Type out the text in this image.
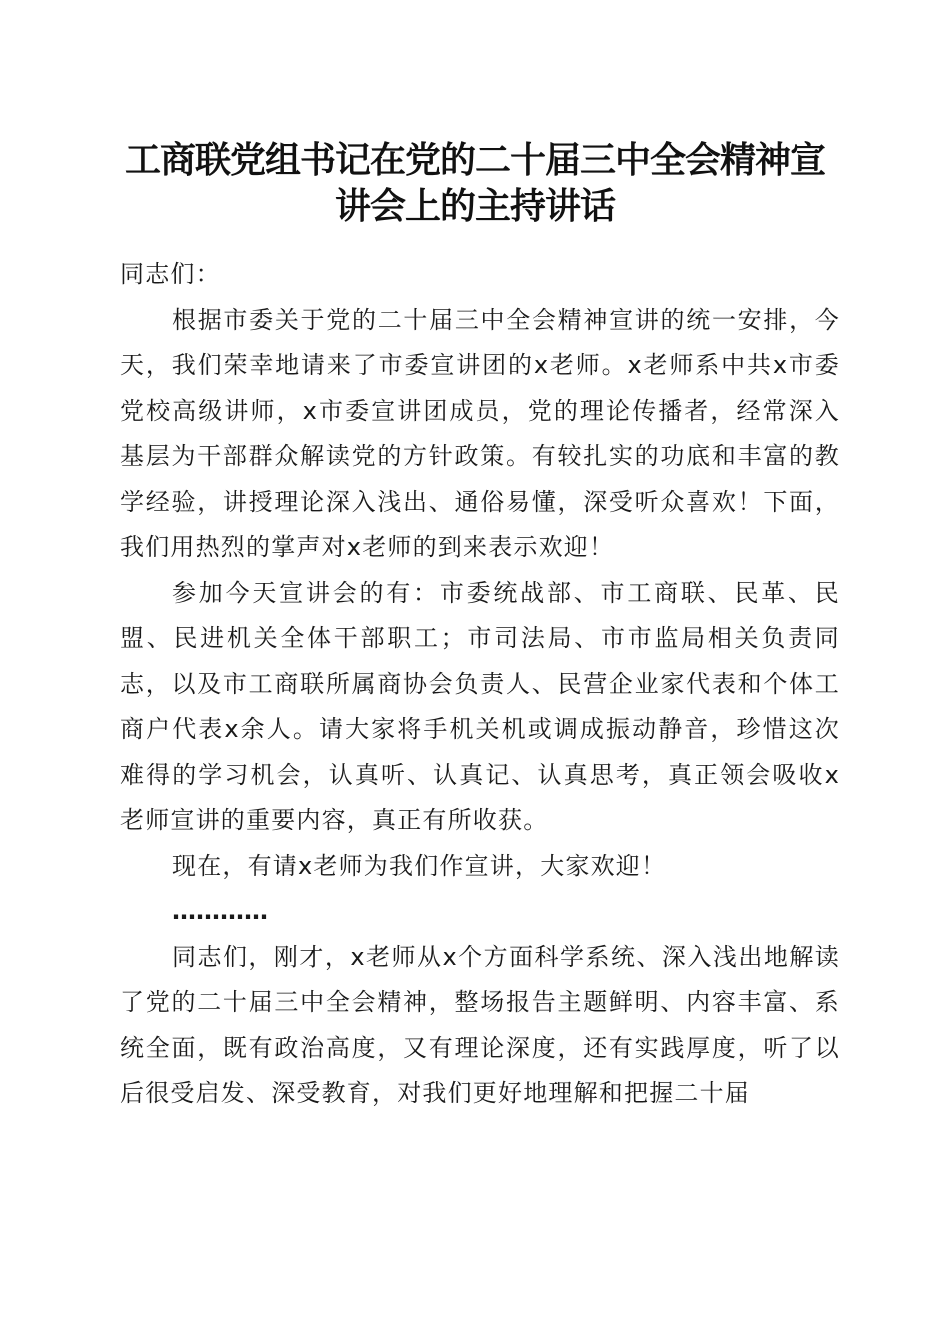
工商联党组书记在党的二十届三中全会精神宣
讲会上的主持讲话

同志们：

根据市委关于党的二十届三中全会精神宣讲的统一安排，今天，我们荣幸地请来了市委宣讲团的x老师。x老师系中共x市委党校高级讲师，x市委宣讲团成员，党的理论传播者，经常深入基层为干部群众解读党的方针政策。有较扎实的功底和丰富的教学经验，讲授理论深入浅出、通俗易懂，深受听众喜欢！下面，我们用热烈的掌声对x老师的到来表示欢迎！

参加今天宣讲会的有：市委统战部、市工商联、民革、民盟、民进机关全体干部职工；市司法局、市市监局相关负责同志，以及市工商联所属商协会负责人、民营企业家代表和个体工商户代表x余人。请大家将手机关机或调成振动静音，珍惜这次难得的学习机会，认真听、认真记、认真思考，真正领会吸收x老师宣讲的重要内容，真正有所收获。

现在，有请x老师为我们作宣讲，大家欢迎！

…………

同志们，刚才，x老师从x个方面科学系统、深入浅出地解读了党的二十届三中全会精神，整场报告主题鲜明、内容丰富、系统全面，既有政治高度，又有理论深度，还有实践厚度，听了以后很受启发、深受教育，对我们更好地理解和把握二十届
